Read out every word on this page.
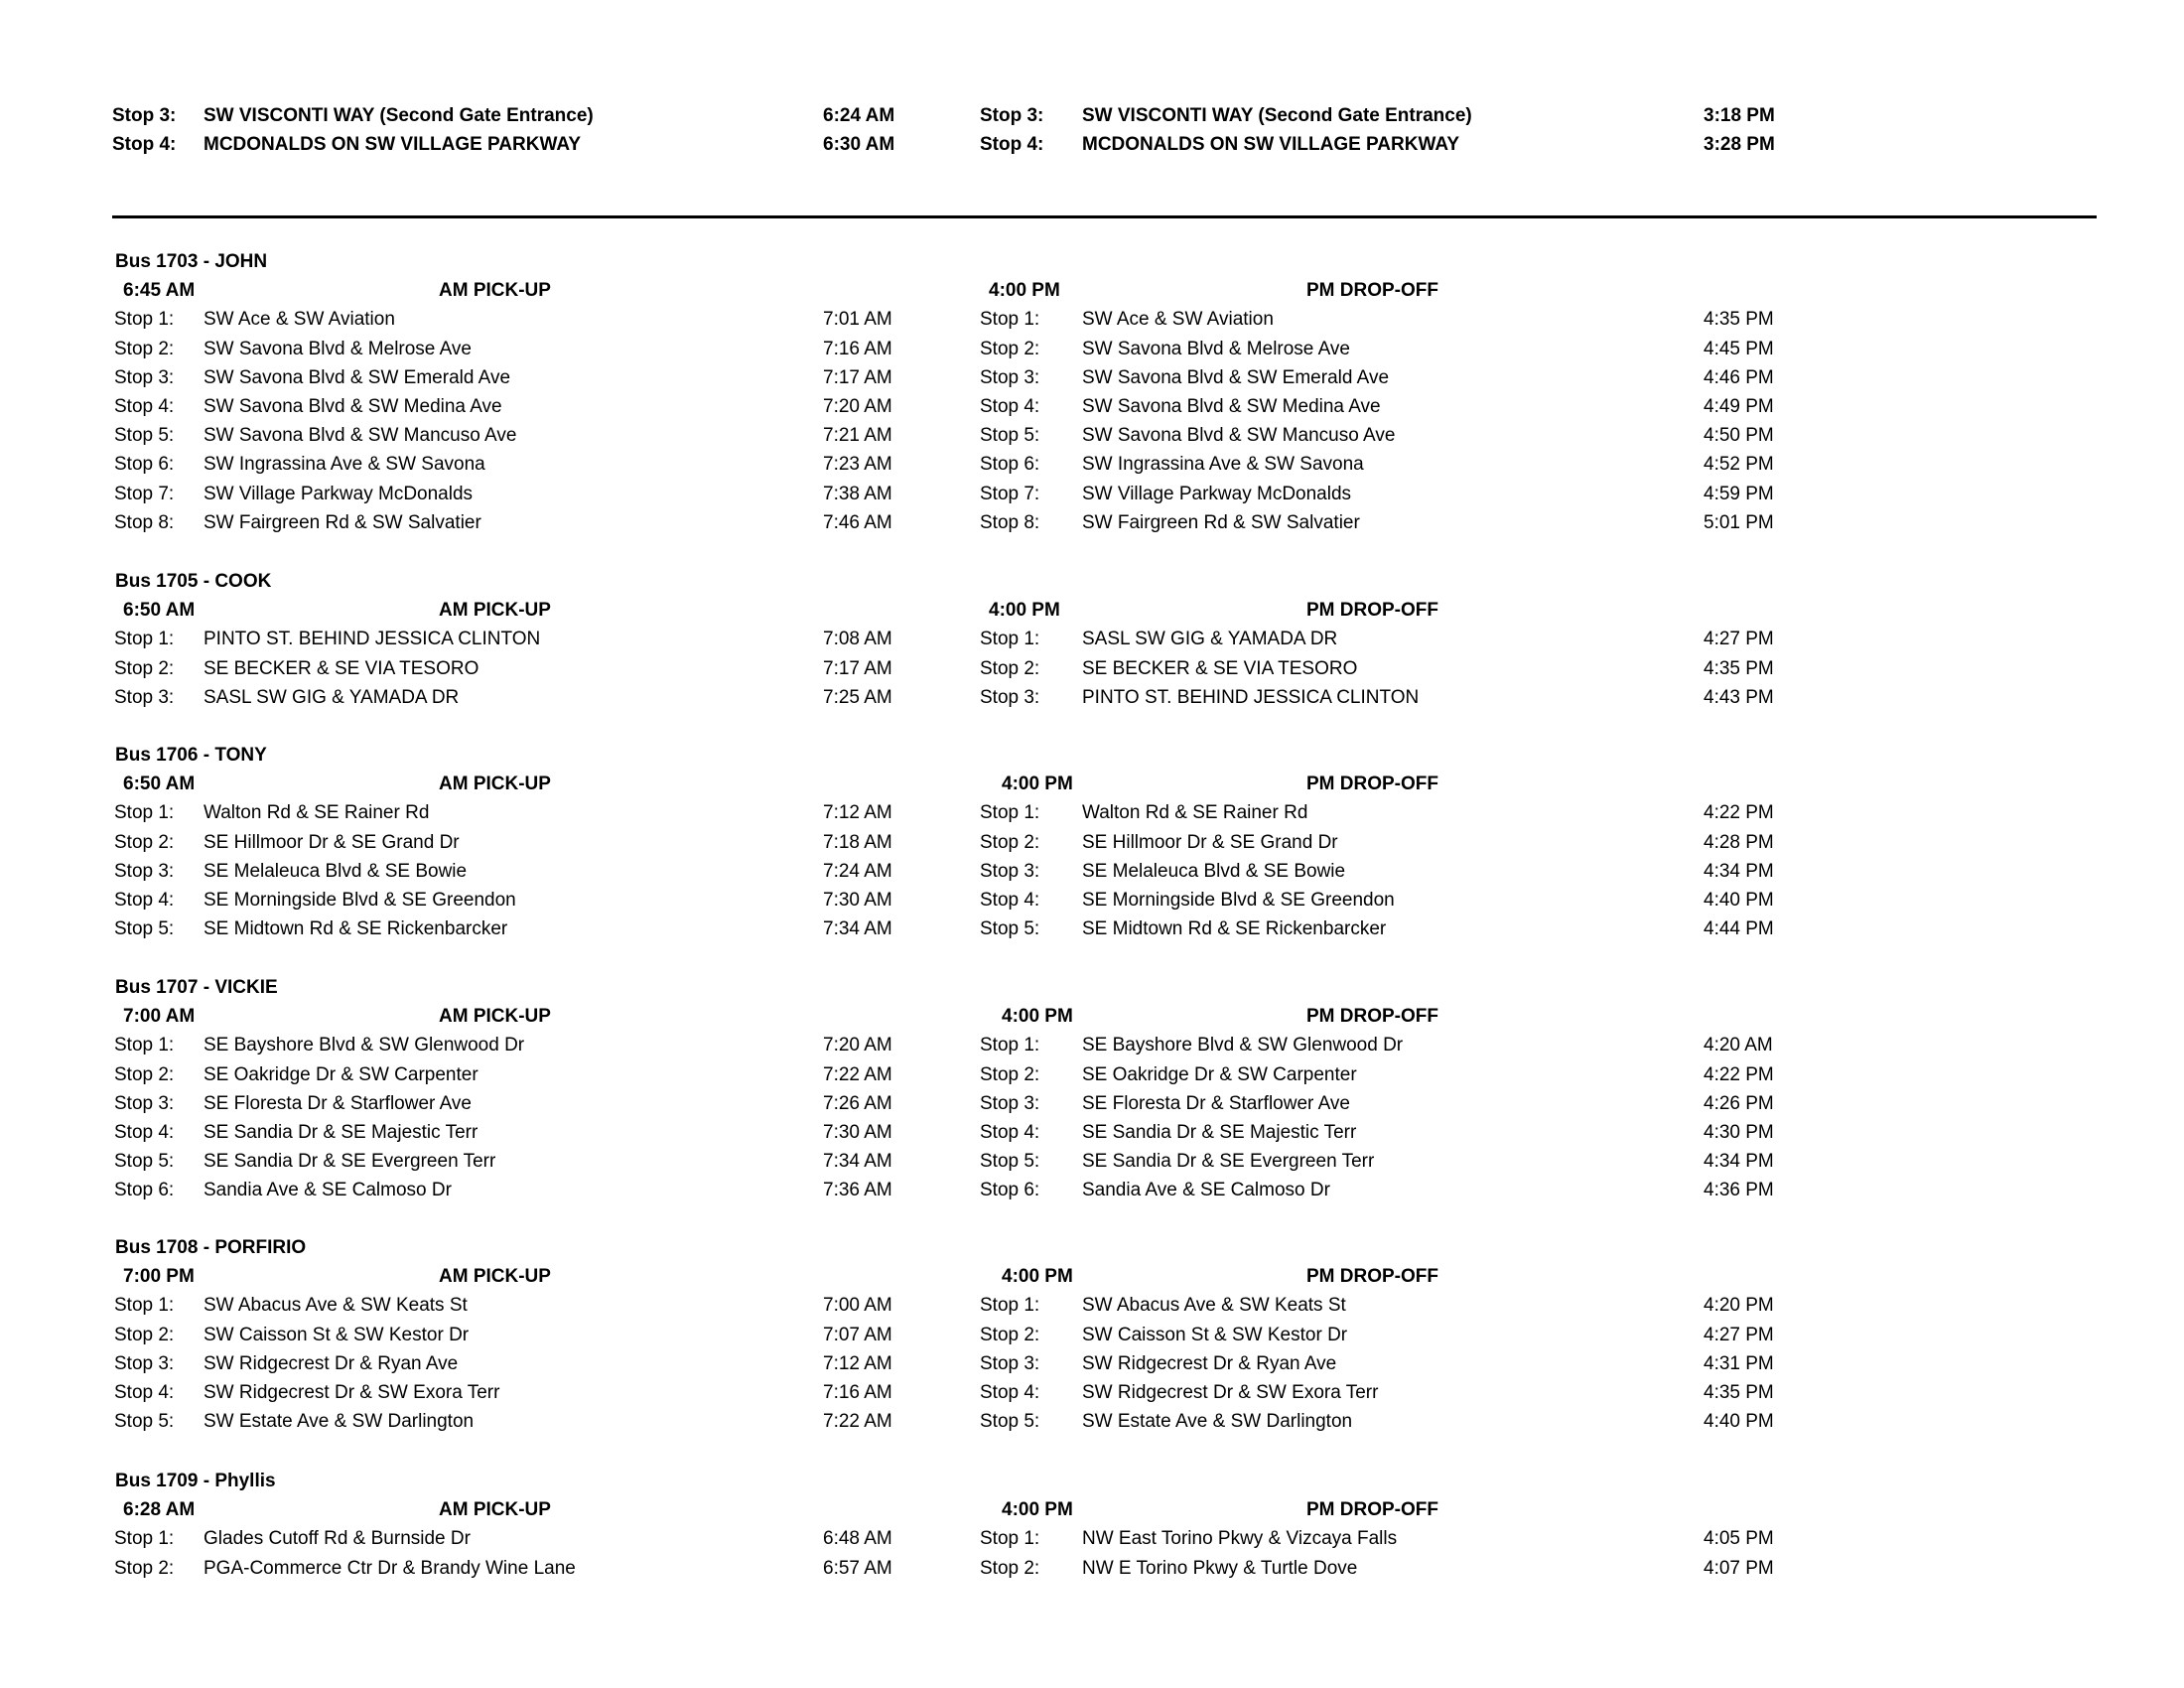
Stop 3: SW VISCONTI WAY (Second Gate Entrance)	6:24 AM	Stop 3: SW VISCONTI WAY (Second Gate Entrance)	3:18 PM
Stop 4: MCDONALDS ON SW VILLAGE PARKWAY	6:30 AM	Stop 4: MCDONALDS ON SW VILLAGE PARKWAY	3:28 PM
Bus 1703 - JOHN
6:45 AM	AM PICK-UP	4:00 PM	PM DROP-OFF
Stop 1: SW Ace & SW Aviation	7:01 AM	Stop 1: SW Ace & SW Aviation	4:35 PM
Stop 2: SW Savona Blvd & Melrose Ave	7:16 AM	Stop 2: SW Savona Blvd & Melrose Ave	4:45 PM
Stop 3: SW Savona Blvd & SW Emerald Ave	7:17 AM	Stop 3: SW Savona Blvd & SW Emerald Ave	4:46 PM
Stop 4: SW Savona Blvd & SW Medina Ave	7:20 AM	Stop 4: SW Savona Blvd & SW Medina Ave	4:49 PM
Stop 5: SW Savona Blvd & SW Mancuso Ave	7:21 AM	Stop 5: SW Savona Blvd & SW Mancuso Ave	4:50 PM
Stop 6: SW Ingrassina Ave & SW Savona	7:23 AM	Stop 6: SW Ingrassina Ave & SW Savona	4:52 PM
Stop 7: SW Village Parkway McDonalds	7:38 AM	Stop 7: SW Village Parkway McDonalds	4:59 PM
Stop 8: SW Fairgreen Rd & SW Salvatier	7:46 AM	Stop 8: SW Fairgreen Rd & SW Salvatier	5:01 PM
Bus 1705 - COOK
6:50 AM	AM PICK-UP	4:00 PM	PM DROP-OFF
Stop 1: PINTO ST. BEHIND JESSICA CLINTON	7:08 AM	Stop 1: SASL SW GIG & YAMADA DR	4:27 PM
Stop 2: SE BECKER & SE VIA TESORO	7:17 AM	Stop 2: SE BECKER & SE VIA TESORO	4:35 PM
Stop 3: SASL SW GIG & YAMADA DR	7:25 AM	Stop 3: PINTO ST. BEHIND JESSICA CLINTON	4:43 PM
Bus 1706 - TONY
6:50 AM	AM PICK-UP	4:00 PM	PM DROP-OFF
Stop 1: Walton Rd & SE Rainer Rd	7:12 AM	Stop 1: Walton Rd & SE Rainer Rd	4:22 PM
Stop 2: SE Hillmoor Dr & SE Grand Dr	7:18 AM	Stop 2: SE Hillmoor Dr & SE Grand Dr	4:28 PM
Stop 3: SE Melaleuca Blvd & SE Bowie	7:24 AM	Stop 3: SE Melaleuca Blvd & SE Bowie	4:34 PM
Stop 4: SE Morningside Blvd & SE Greendon	7:30 AM	Stop 4: SE Morningside Blvd & SE Greendon	4:40 PM
Stop 5: SE Midtown Rd & SE Rickenbarcker	7:34 AM	Stop 5: SE Midtown Rd & SE Rickenbarcker	4:44 PM
Bus 1707 - VICKIE
7:00 AM	AM PICK-UP	4:00 PM	PM DROP-OFF
Stop 1: SE Bayshore Blvd & SW Glenwood Dr	7:20 AM	Stop 1: SE Bayshore Blvd & SW Glenwood Dr	4:20 AM
Stop 2: SE Oakridge Dr & SW Carpenter	7:22 AM	Stop 2: SE Oakridge Dr & SW Carpenter	4:22 PM
Stop 3: SE Floresta Dr & Starflower Ave	7:26 AM	Stop 3: SE Floresta Dr & Starflower Ave	4:26 PM
Stop 4: SE Sandia Dr & SE Majestic Terr	7:30 AM	Stop 4: SE Sandia Dr & SE Majestic Terr	4:30 PM
Stop 5: SE Sandia Dr & SE Evergreen Terr	7:34 AM	Stop 5: SE Sandia Dr & SE Evergreen Terr	4:34 PM
Stop 6: Sandia Ave & SE Calmoso Dr	7:36 AM	Stop 6: Sandia Ave & SE Calmoso Dr	4:36 PM
Bus 1708 - PORFIRIO
7:00 PM	AM PICK-UP	4:00 PM	PM DROP-OFF
Stop 1: SW Abacus Ave & SW Keats St	7:00 AM	Stop 1: SW Abacus Ave & SW Keats St	4:20 PM
Stop 2: SW Caisson St & SW Kestor Dr	7:07 AM	Stop 2: SW Caisson St & SW Kestor Dr	4:27 PM
Stop 3: SW Ridgecrest Dr & Ryan Ave	7:12 AM	Stop 3: SW Ridgecrest Dr & Ryan Ave	4:31 PM
Stop 4: SW Ridgecrest Dr & SW Exora Terr	7:16 AM	Stop 4: SW Ridgecrest Dr & SW Exora Terr	4:35 PM
Stop 5: SW Estate Ave & SW Darlington	7:22 AM	Stop 5: SW Estate Ave & SW Darlington	4:40 PM
Bus 1709 - Phyllis
6:28 AM	AM PICK-UP	4:00 PM	PM DROP-OFF
Stop 1: Glades Cutoff Rd & Burnside Dr	6:48 AM	Stop 1: NW East Torino Pkwy & Vizcaya Falls	4:05 PM
Stop 2: PGA-Commerce Ctr Dr & Brandy Wine Lane	6:57 AM	Stop 2: NW E Torino Pkwy & Turtle Dove	4:07 PM
